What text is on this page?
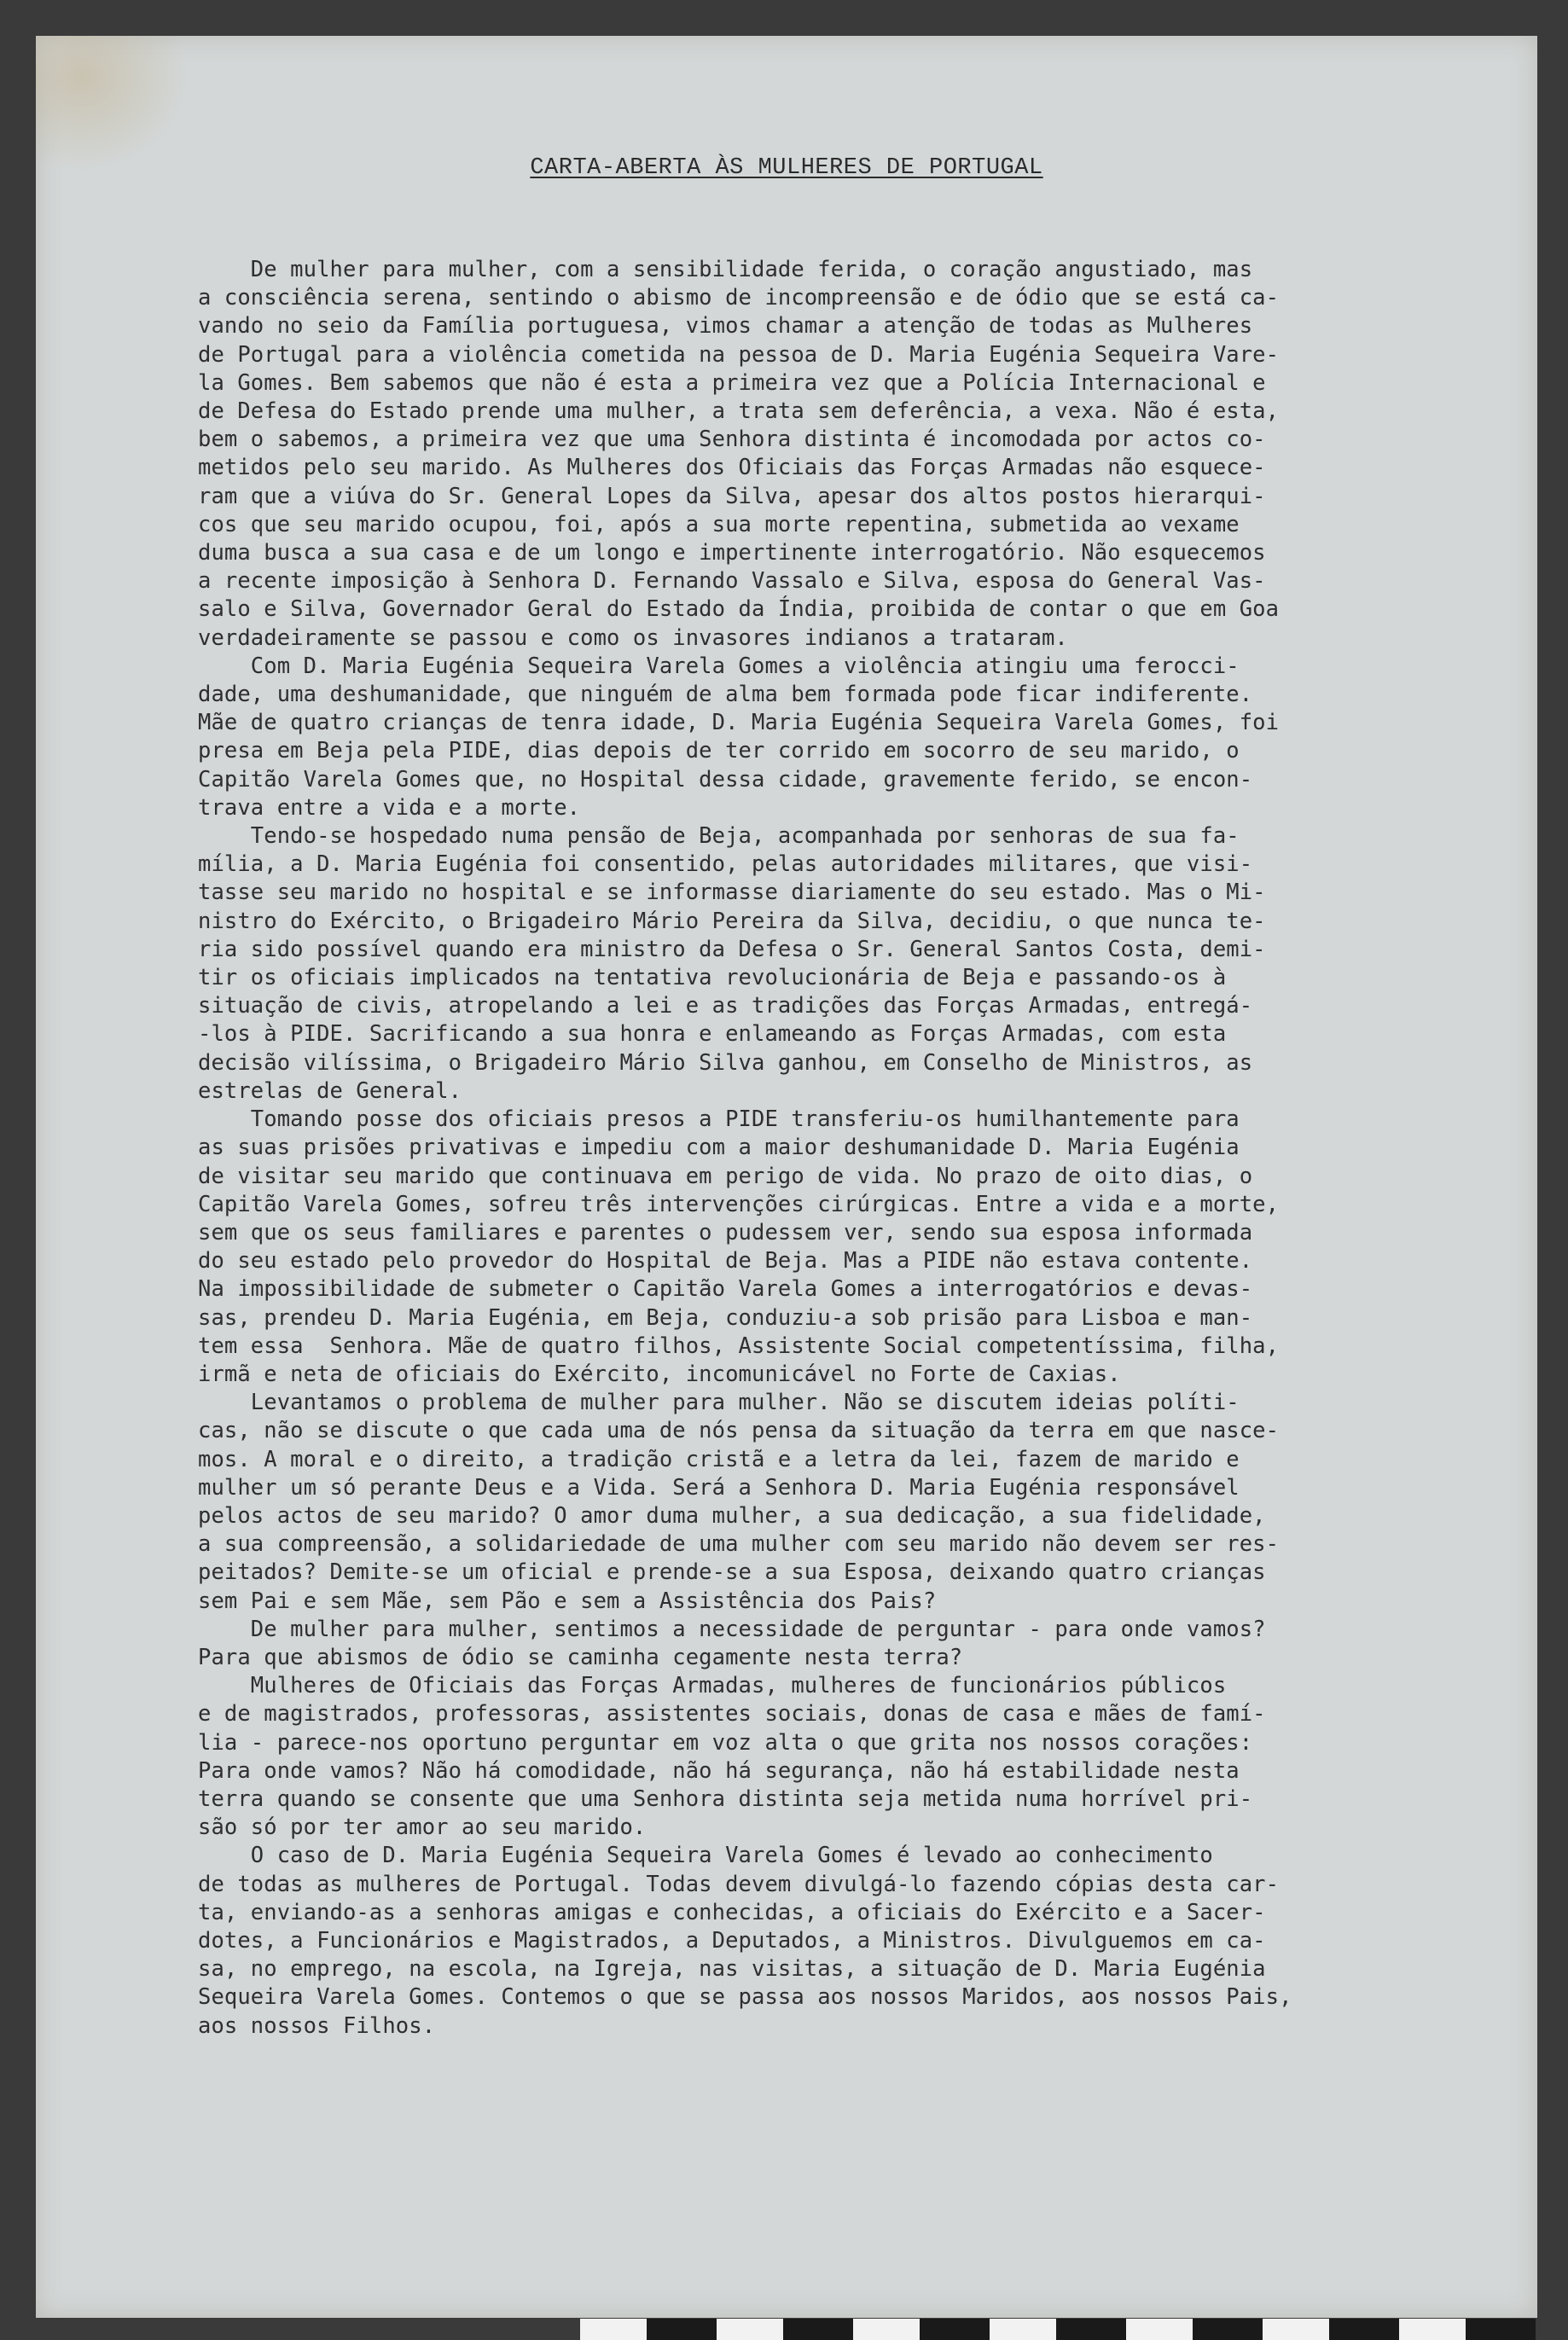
CARTA-ABERTA ÀS MULHERES DE PORTUGAL
De mulher para mulher, com a sensibilidade ferida, o coração angustiado, mas
a consciência serena, sentindo o abismo de incompreensão e de ódio que se está ca-
vando no seio da Família portuguesa, vimos chamar a atenção de todas as Mulheres
de Portugal para a violência cometida na pessoa de D. Maria Eugénia Sequeira Vare-
la Gomes. Bem sabemos que não é esta a primeira vez que a Polícia Internacional e
de Defesa do Estado prende uma mulher, a trata sem deferência, a vexa. Não é esta,
bem o sabemos, a primeira vez que uma Senhora distinta é incomodada por actos co-
metidos pelo seu marido. As Mulheres dos Oficiais das Forças Armadas não esquece-
ram que a viúva do Sr. General Lopes da Silva, apesar dos altos postos hierarqui-
cos que seu marido ocupou, foi, após a sua morte repentina, submetida ao vexame
duma busca a sua casa e de um longo e impertinente interrogatório. Não esquecemos
a recente imposição à Senhora D. Fernando Vassalo e Silva, esposa do General Vas-
salo e Silva, Governador Geral do Estado da Índia, proibida de contar o que em Goa
verdadeiramente se passou e como os invasores indianos a trataram.
Com D. Maria Eugénia Sequeira Varela Gomes a violência atingiu uma ferocci-
dade, uma deshumanidade, que ninguém de alma bem formada pode ficar indiferente.
Mãe de quatro crianças de tenra idade, D. Maria Eugénia Sequeira Varela Gomes, foi
presa em Beja pela PIDE, dias depois de ter corrido em socorro de seu marido, o
Capitão Varela Gomes que, no Hospital dessa cidade, gravemente ferido, se encon-
trava entre a vida e a morte.
Tendo-se hospedado numa pensão de Beja, acompanhada por senhoras de sua fa-
mília, a D. Maria Eugénia foi consentido, pelas autoridades militares, que visi-
tasse seu marido no hospital e se informasse diariamente do seu estado. Mas o Mi-
nistro do Exército, o Brigadeiro Mário Pereira da Silva, decidiu, o que nunca te-
ria sido possível quando era ministro da Defesa o Sr. General Santos Costa, demi-
tir os oficiais implicados na tentativa revolucionária de Beja e passando-os à
situação de civis, atropelando a lei e as tradições das Forças Armadas, entregá-
-los à PIDE. Sacrificando a sua honra e enlameando as Forças Armadas, com esta
decisão vilíssima, o Brigadeiro Mário Silva ganhou, em Conselho de Ministros, as
estrelas de General.
Tomando posse dos oficiais presos a PIDE transferiu-os humilhantemente para
as suas prisões privativas e impediu com a maior deshumanidade D. Maria Eugénia
de visitar seu marido que continuava em perigo de vida. No prazo de oito dias, o
Capitão Varela Gomes, sofreu três intervenções cirúrgicas. Entre a vida e a morte,
sem que os seus familiares e parentes o pudessem ver, sendo sua esposa informada
do seu estado pelo provedor do Hospital de Beja. Mas a PIDE não estava contente.
Na impossibilidade de submeter o Capitão Varela Gomes a interrogatórios e devas-
sas, prendeu D. Maria Eugénia, em Beja, conduziu-a sob prisão para Lisboa e man-
tem essa  Senhora. Mãe de quatro filhos, Assistente Social competentíssima, filha,
irmã e neta de oficiais do Exército, incomunicável no Forte de Caxias.
Levantamos o problema de mulher para mulher. Não se discutem ideias políti-
cas, não se discute o que cada uma de nós pensa da situação da terra em que nasce-
mos. A moral e o direito, a tradição cristã e a letra da lei, fazem de marido e
mulher um só perante Deus e a Vida. Será a Senhora D. Maria Eugénia responsável
pelos actos de seu marido? O amor duma mulher, a sua dedicação, a sua fidelidade,
a sua compreensão, a solidariedade de uma mulher com seu marido não devem ser res-
peitados? Demite-se um oficial e prende-se a sua Esposa, deixando quatro crianças
sem Pai e sem Mãe, sem Pão e sem a Assistência dos Pais?
De mulher para mulher, sentimos a necessidade de perguntar - para onde vamos?
Para que abismos de ódio se caminha cegamente nesta terra?
Mulheres de Oficiais das Forças Armadas, mulheres de funcionários públicos
e de magistrados, professoras, assistentes sociais, donas de casa e mães de famí-
lia - parece-nos oportuno perguntar em voz alta o que grita nos nossos corações:
Para onde vamos? Não há comodidade, não há segurança, não há estabilidade nesta
terra quando se consente que uma Senhora distinta seja metida numa horrível pri-
são só por ter amor ao seu marido.
O caso de D. Maria Eugénia Sequeira Varela Gomes é levado ao conhecimento
de todas as mulheres de Portugal. Todas devem divulgá-lo fazendo cópias desta car-
ta, enviando-as a senhoras amigas e conhecidas, a oficiais do Exército e a Sacer-
dotes, a Funcionários e Magistrados, a Deputados, a Ministros. Divulguemos em ca-
sa, no emprego, na escola, na Igreja, nas visitas, a situação de D. Maria Eugénia
Sequeira Varela Gomes. Contemos o que se passa aos nossos Maridos, aos nossos Pais,
aos nossos Filhos.
